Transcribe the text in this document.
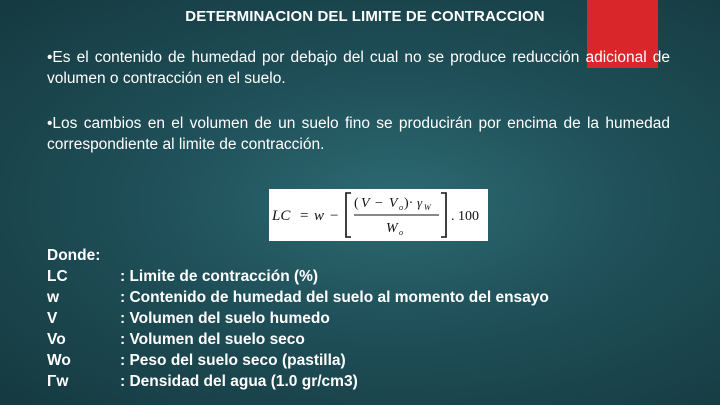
DETERMINACION DEL LIMITE DE CONTRACCION
•Es el contenido de humedad por debajo del cual no se produce reducción adicional de volumen o contracción en el suelo.
•Los cambios en el volumen de un suelo fino se producirán por encima de la humedad correspondiente al limite de contracción.
LC = w −
( V − V o )· γ W
W o
. 100
Donde:
LC	: Limite de contracción (%)
w	: Contenido de humedad del suelo al momento del ensayo
V	: Volumen del suelo humedo
Vo	: Volumen del suelo seco
Wo	: Peso del suelo seco (pastilla)
Γw	: Densidad del agua (1.0 gr/cm3)
